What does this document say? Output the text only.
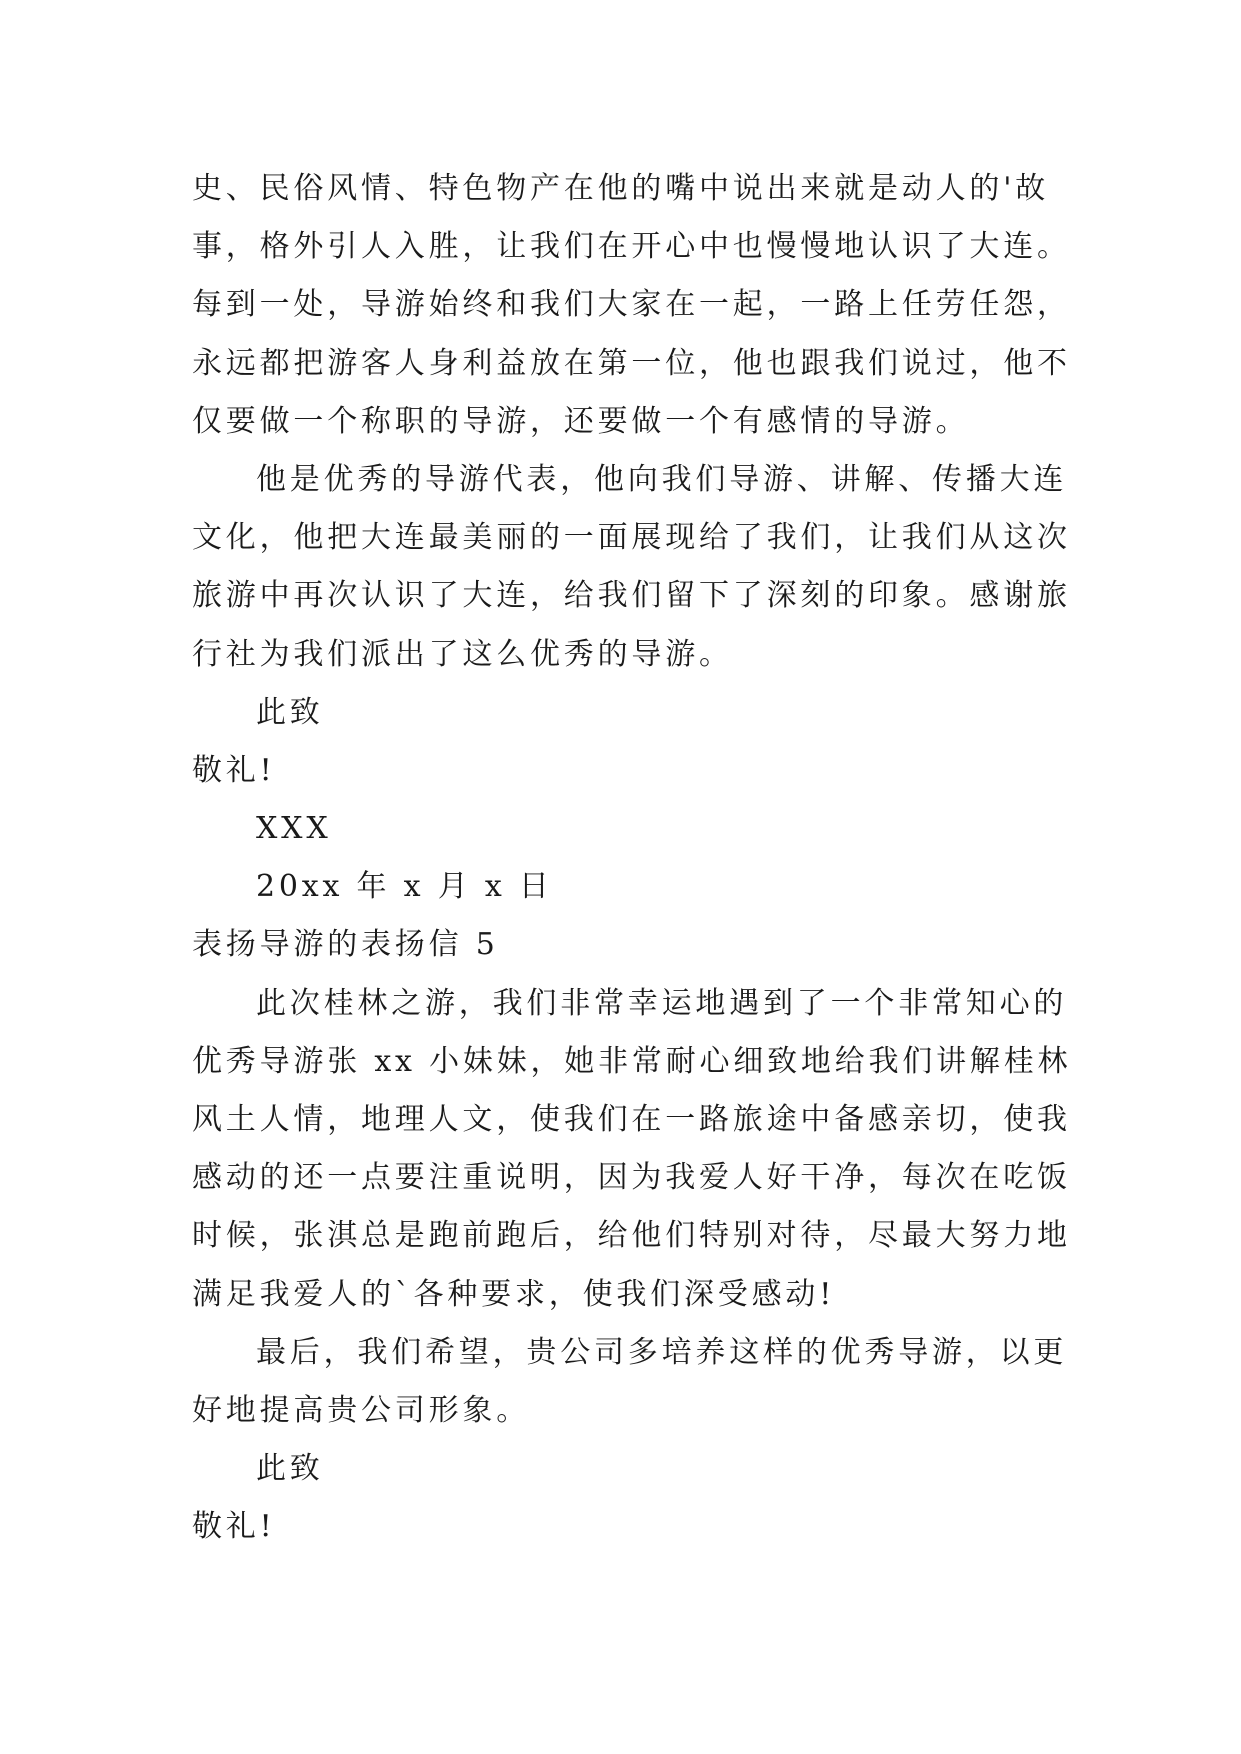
史、民俗风情、特色物产在他的嘴中说出来就是动人的'故
事，格外引人入胜，让我们在开心中也慢慢地认识了大连。
每到一处，导游始终和我们大家在一起，一路上任劳任怨，
永远都把游客人身利益放在第一位，他也跟我们说过，他不
仅要做一个称职的导游，还要做一个有感情的导游。
他是优秀的导游代表，他向我们导游、讲解、传播大连
文化，他把大连最美丽的一面展现给了我们，让我们从这次
旅游中再次认识了大连，给我们留下了深刻的印象。感谢旅
行社为我们派出了这么优秀的导游。
此致
敬礼!
XXX
20xx 年 x 月 x 日
表扬导游的表扬信 5
此次桂林之游，我们非常幸运地遇到了一个非常知心的
优秀导游张 xx 小妹妹，她非常耐心细致地给我们讲解桂林
风土人情，地理人文，使我们在一路旅途中备感亲切，使我
感动的还一点要注重说明，因为我爱人好干净，每次在吃饭
时候，张淇总是跑前跑后，给他们特别对待，尽最大努力地
满足我爱人的`各种要求，使我们深受感动!
最后，我们希望，贵公司多培养这样的优秀导游，以更
好地提高贵公司形象。
此致
敬礼!
